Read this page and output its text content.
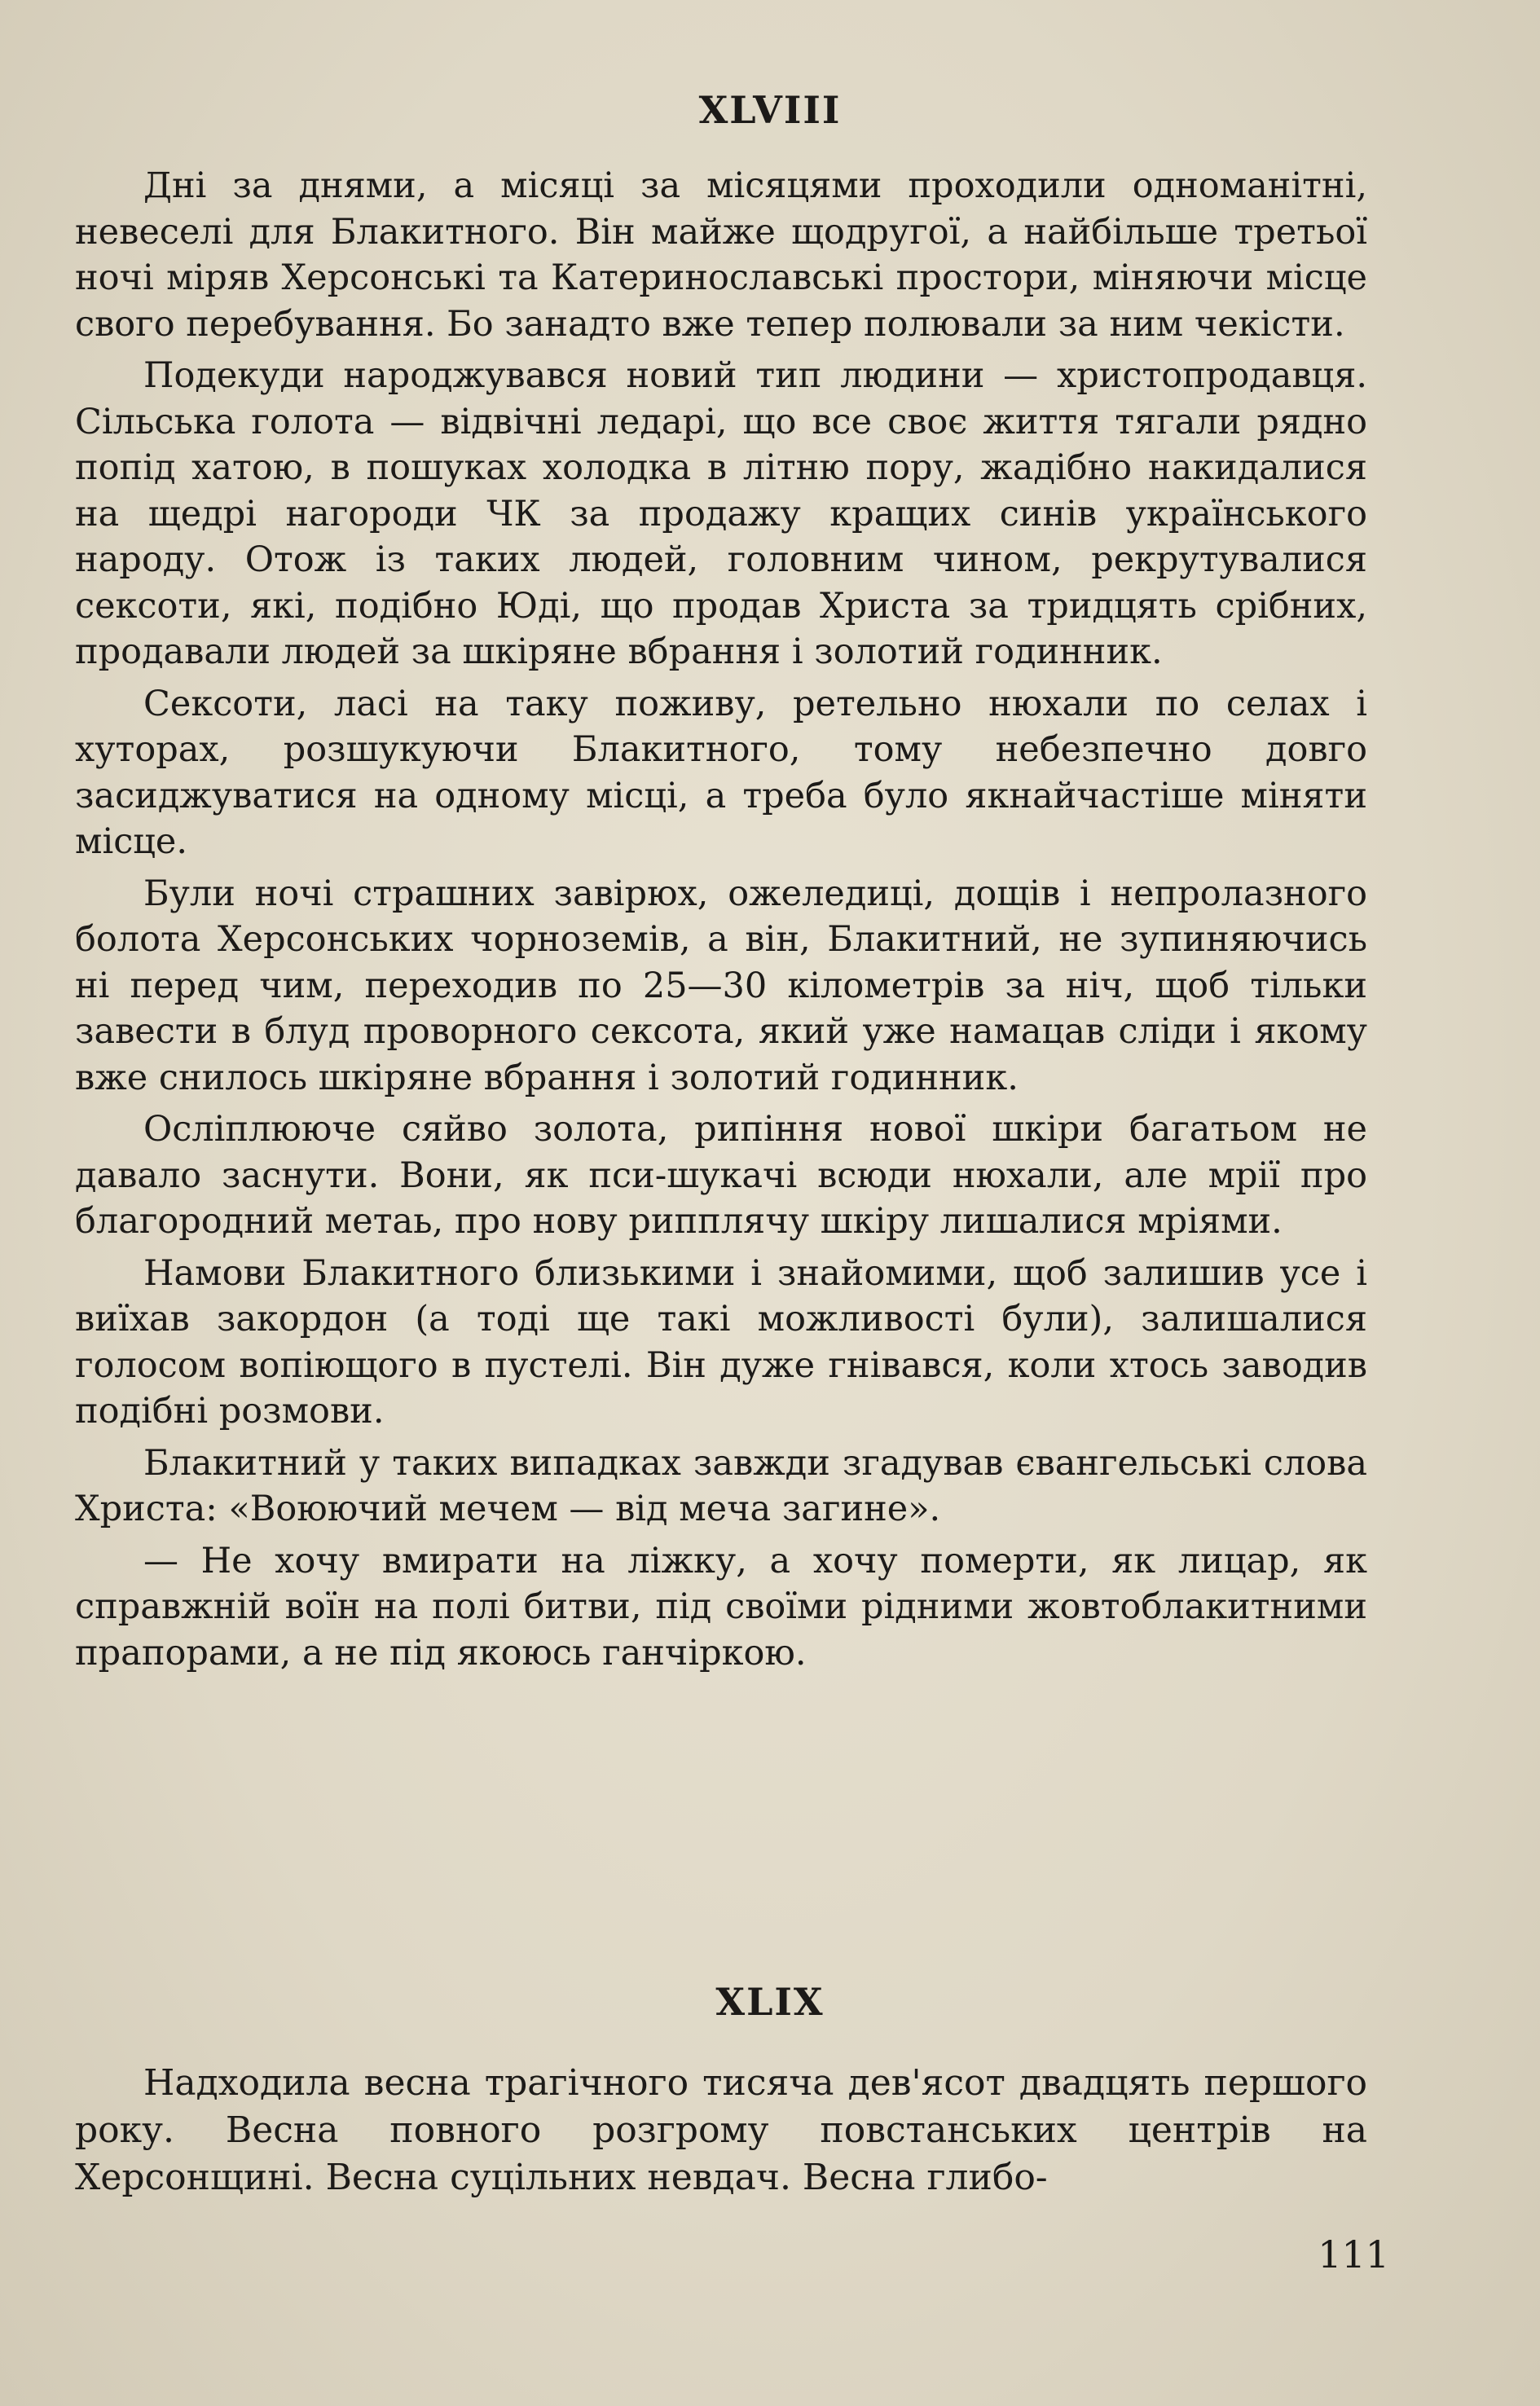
XLVIII

Дні за днями, а місяці за місяцями проходили одноманітні, невеселі для Блакитного. Він майже щодругої, а найбільше третьої ночі міряв Херсонські та Катеринославські простори, міняючи місце свого перебування. Бо занадто вже тепер полювали за ним чекісти.

Подекуди народжувався новий тип людини — христопродавця. Сільська голота — відвічні ледарі, що все своє життя тягали рядно попід хатою, в пошуках холодка в літню пору, жадібно накидалися на щедрі нагороди ЧК за продажу кращих синів українського народу. Отож із таких людей, головним чином, рекрутувалися сексоти, які, подібно Юді, що продав Христа за тридцять срібних, продавали людей за шкіряне вбрання і золотий годинник.

Сексоти, ласі на таку поживу, ретельно нюхали по селах і хуторах, розшукуючи Блакитного, тому небезпечно довго засиджуватися на одному місці, а треба було якнайчастіше міняти місце.

Були ночі страшних завірюх, ожеледиці, дощів і непролазного болота Херсонських чорноземів, а він, Блакитний, не зупиняючись ні перед чим, переходив по 25—30 кілометрів за ніч, щоб тільки завести в блуд проворного сексота, який уже намацав сліди і якому вже снилось шкіряне вбрання і золотий годинник.

Осліплююче сяйво золота, рипіння нової шкіри багатьом не давало заснути. Вони, як пси-шукачі всюди нюхали, але мрії про благородний метаь, про нову рипплячу шкіру лишалися мріями.

Намови Блакитного близькими і знайомими, щоб залишив усе і виїхав закордон (а тоді ще такі можливості були), залишалися голосом вопіющого в пустелі. Він дуже гнівався, коли хтось заводив подібні розмови.

Блакитний у таких випадках завжди згадував євангельські слова Христа: «Воюючий мечем — від меча загине».

— Не хочу вмирати на ліжку, а хочу померти, як лицар, як справжній воїн на полі битви, під своїми рідними жовтоблакитними прапорами, а не під якоюсь ганчіркою.

XLIX

Надходила весна трагічного тисяча дев'ясот двадцять першого року. Весна повного розгрому повстанських центрів на Херсонщині. Весна суцільних невдач. Весна глибо-

111
